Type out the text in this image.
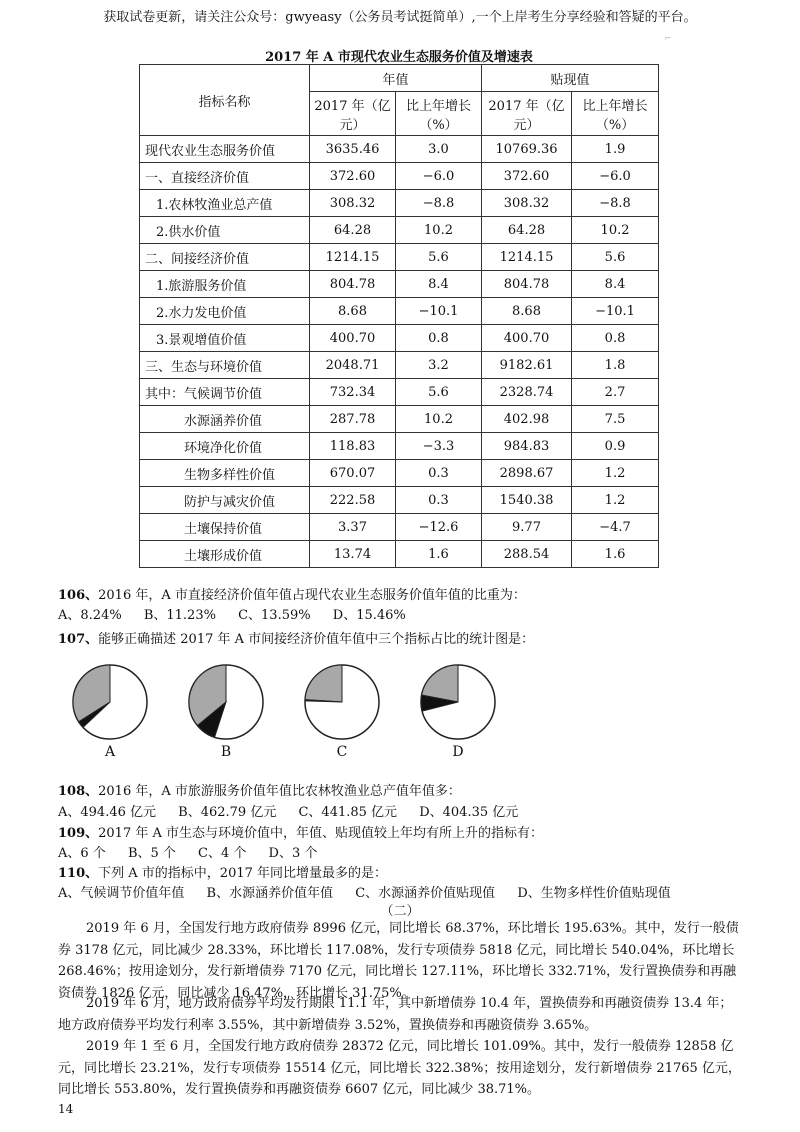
获取试卷更新，请关注公众号：gwyeasy（公务员考试挺简单）,一个上岸考生分享经验和答疑的平台。
⌐
2017 年 A 市现代农业生态服务价值及增速表
指标名称	年值		贴现值	
	2017 年（亿元）	比上年增长（%）	2017 年（亿元）	比上年增长（%）
现代农业生态服务价值	3635.46	3.0	10769.36	1.9
一、直接经济价值	372.60	−6.0	372.60	−6.0
1.农林牧渔业总产值	308.32	−8.8	308.32	−8.8
2.供水价值	64.28	10.2	64.28	10.2
二、间接经济价值	1214.15	5.6	1214.15	5.6
1.旅游服务价值	804.78	8.4	804.78	8.4
2.水力发电价值	8.68	−10.1	8.68	−10.1
3.景观增值价值	400.70	0.8	400.70	0.8
三、生态与环境价值	2048.71	3.2	9182.61	1.8
其中：气候调节价值	732.34	5.6	2328.74	2.7
水源涵养价值	287.78	10.2	402.98	7.5
环境净化价值	118.83	−3.3	984.83	0.9
生物多样性价值	670.07	0.3	2898.67	1.2
防护与减灾价值	222.58	0.3	1540.38	1.2
土壤保持价值	3.37	−12.6	9.77	−4.7
土壤形成价值	13.74	1.6	288.54	1.6
106、2016 年，A 市直接经济价值年值占现代农业生态服务价值年值的比重为：
A、8.24% B、11.23% C、13.59% D、15.46%
107、能够正确描述 2017 年 A 市间接经济价值年值中三个指标占比的统计图是：
A	B	C	D
108、2016 年，A 市旅游服务价值年值比农林牧渔业总产值年值多：
A、494.46 亿元 B、462.79 亿元 C、441.85 亿元 D、404.35 亿元
109、2017 年 A 市生态与环境价值中，年值、贴现值较上年均有所上升的指标有：
A、6 个 B、5 个 C、4 个 D、3 个
110、下列 A 市的指标中，2017 年同比增量最多的是：
A、气候调节价值年值 B、水源涵养价值年值 C、水源涵养价值贴现值 D、生物多样性价值贴现值
（二）
2019 年 6 月，全国发行地方政府债券 8996 亿元，同比增长 68.37%，环比增长 195.63%。其中，发行一般债券 3178 亿元，同比减少 28.33%，环比增长 117.08%，发行专项债券 5818 亿元，同比增长 540.04%，环比增长 268.46%；按用途划分，发行新增债券 7170 亿元，同比增长 127.11%，环比增长 332.71%，发行置换债券和再融资债券 1826 亿元，同比减少 16.47%，环比增长 31.75%。
2019 年 6 月，地方政府债券平均发行期限 11.1 年，其中新增债券 10.4 年，置换债券和再融资债券 13.4 年； 地方政府债券平均发行利率 3.55%，其中新增债券 3.52%，置换债券和再融资债券 3.65%。
2019 年 1 至 6 月，全国发行地方政府债券 28372 亿元，同比增长 101.09%。其中，发行一般债券 12858 亿元，同比增长 23.21%，发行专项债券 15514 亿元，同比增长 322.38%；按用途划分，发行新增债券 21765 亿元，同比增长 553.80%，发行置换债券和再融资债券 6607 亿元，同比减少 38.71%。
14
